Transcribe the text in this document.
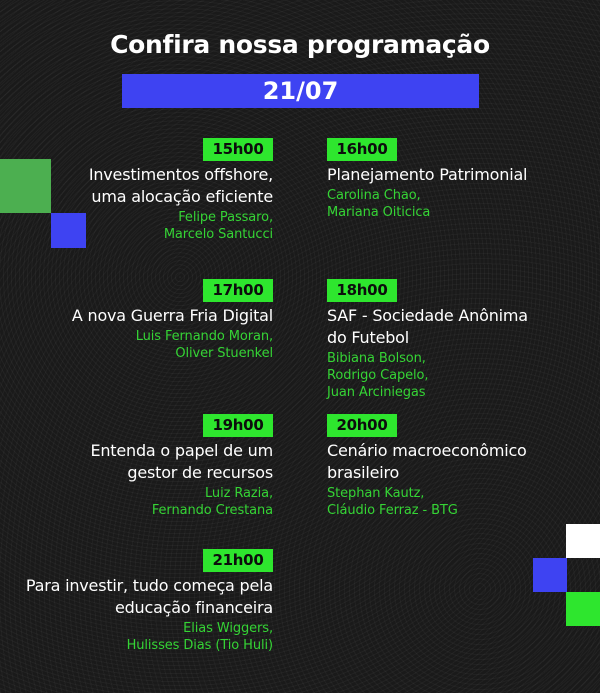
Confira nossa programação
21/07
15h00
Investimentos offshore,
uma alocação eficiente
Felipe Passaro,
Marcelo Santucci
16h00
Planejamento Patrimonial
Carolina Chao,
Mariana Oiticica
17h00
A nova Guerra Fria Digital
Luis Fernando Moran,
Oliver Stuenkel
18h00
SAF - Sociedade Anônima
do Futebol
Bibiana Bolson,
Rodrigo Capelo,
Juan Arciniegas
19h00
Entenda o papel de um
gestor de recursos
Luiz Razia,
Fernando Crestana
20h00
Cenário macroeconômico
brasileiro
Stephan Kautz,
Cláudio Ferraz - BTG
21h00
Para investir, tudo começa pela
educação financeira
Elias Wiggers,
Hulisses Dias (Tio Huli)
